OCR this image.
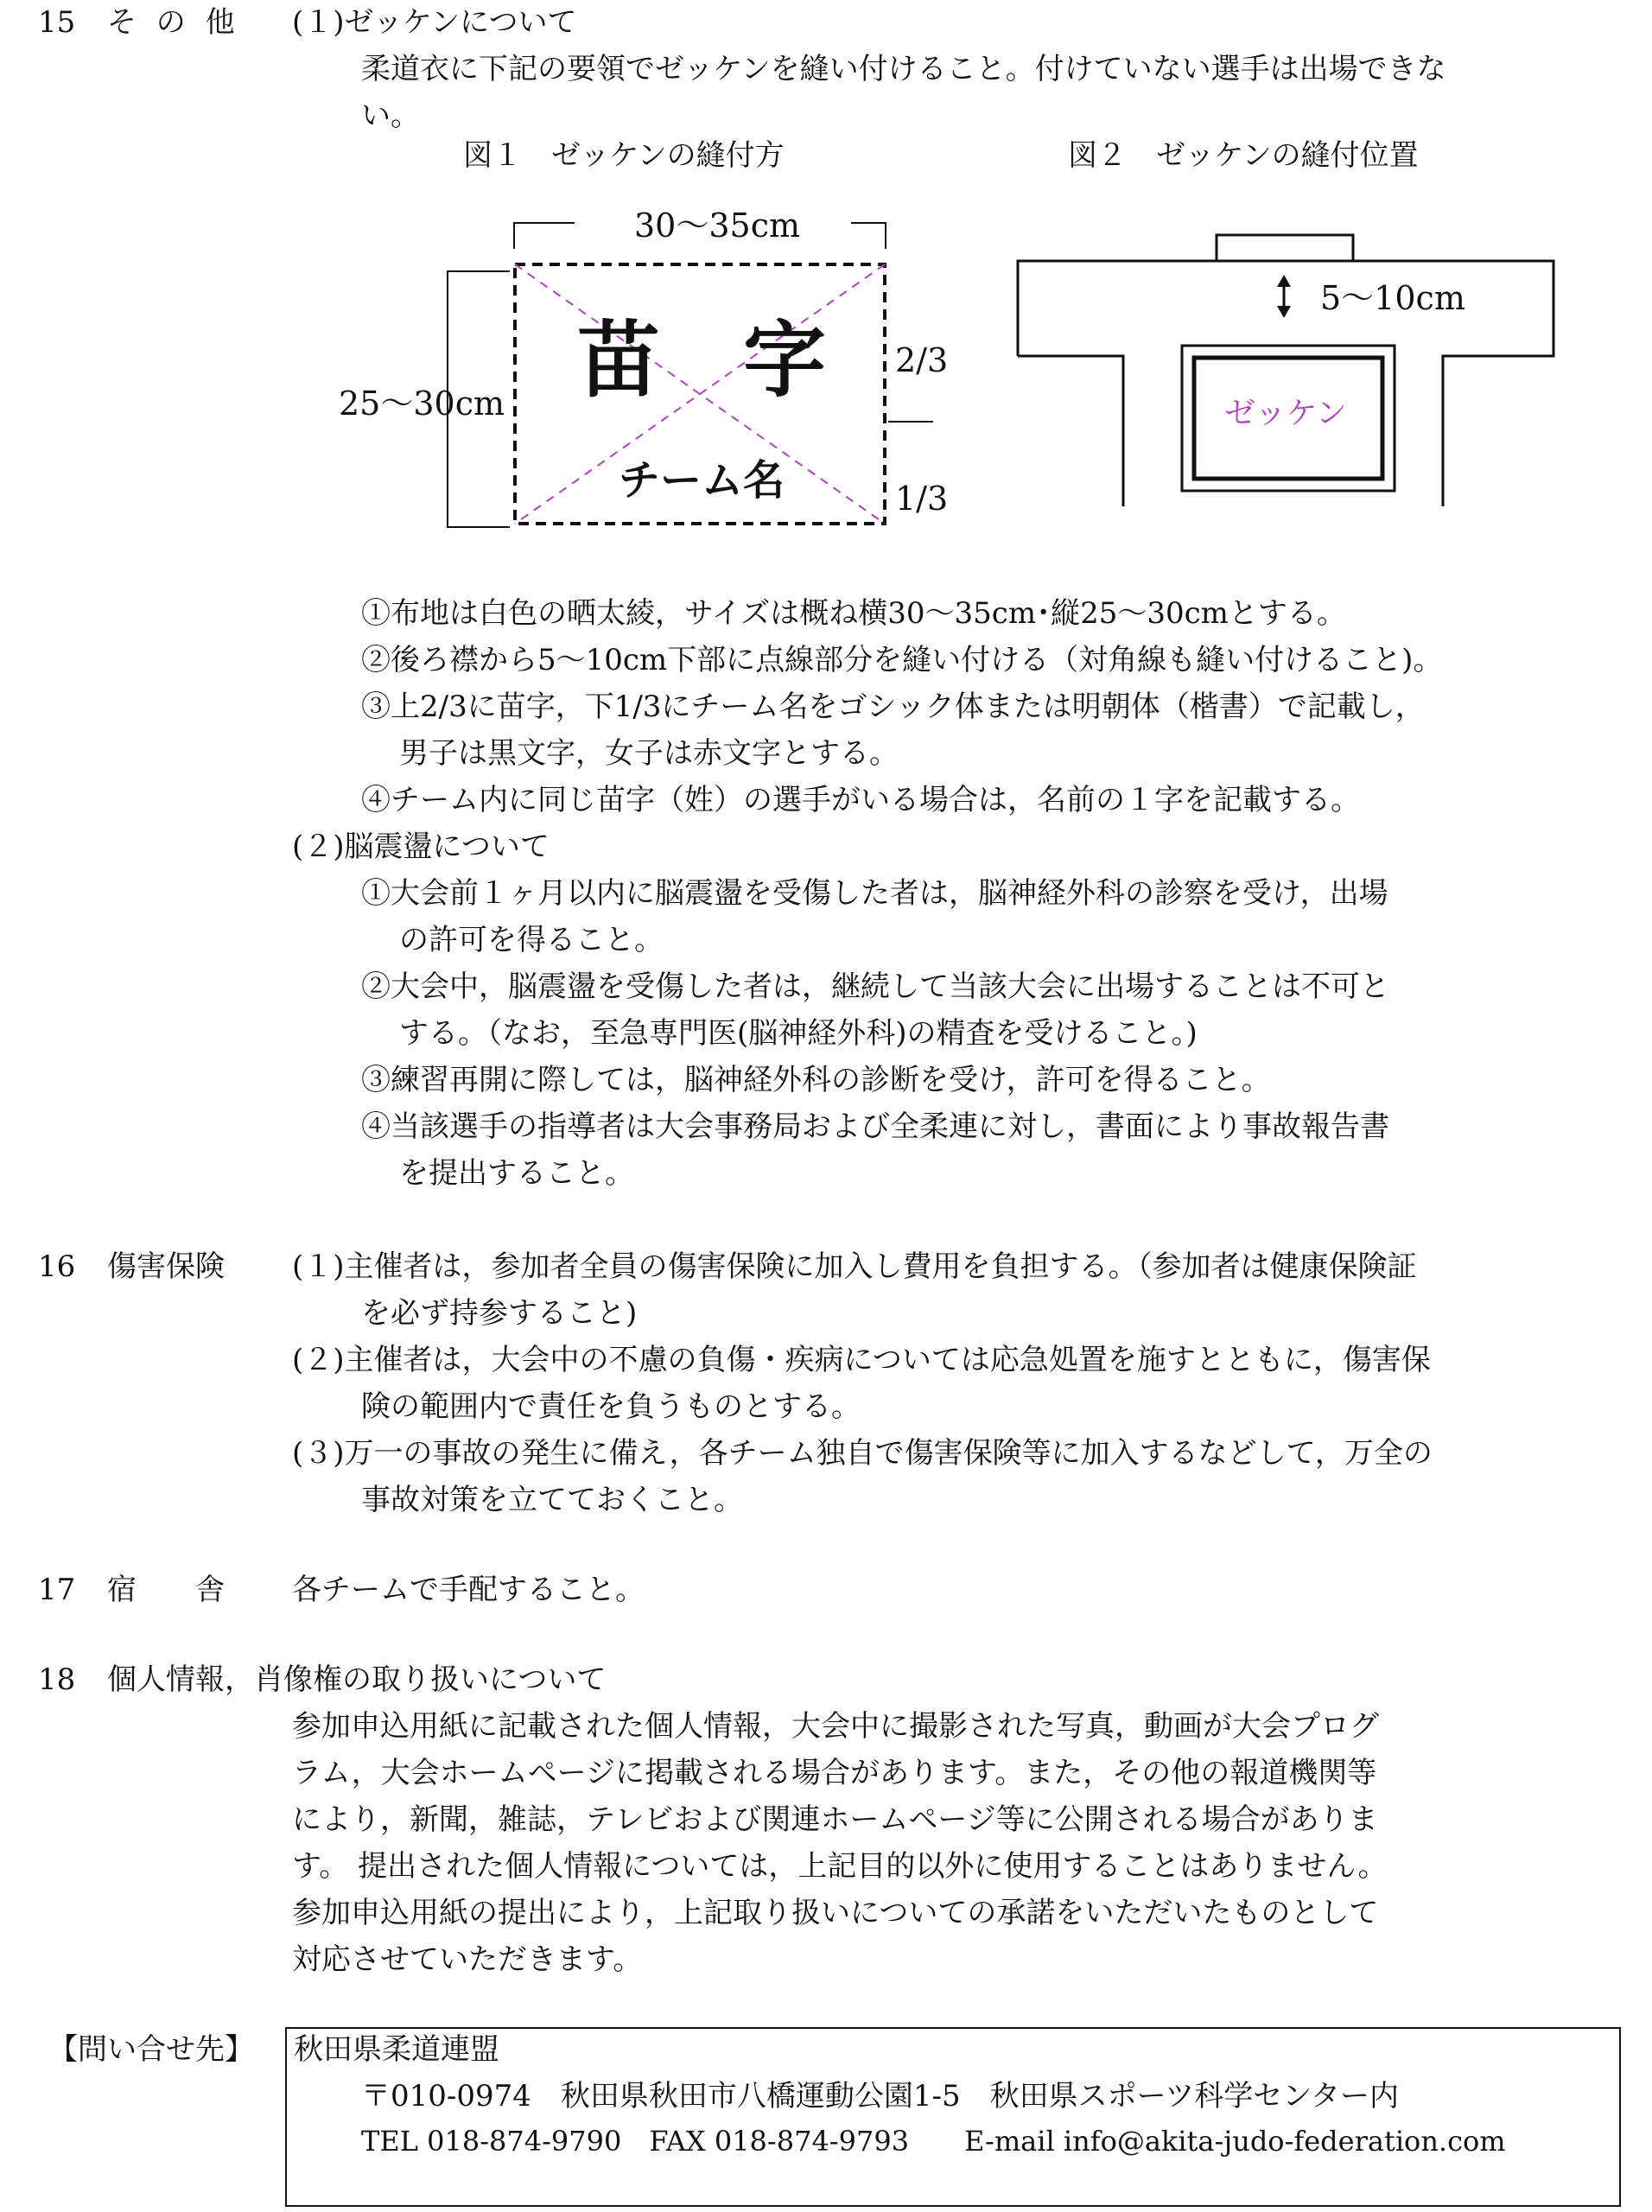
15 そ の 他 (１)ゼッケンについて
柔道衣に下記の要領でゼッケンを縫い付けること。付けていない選手は出場できな
い。
図１　ゼッケンの縫付方	図２　ゼッケンの縫付位置
30～35cm
25～30cm 苗　字
チーム名
2/3
1/3
5～10cm
ゼッケン
①布地は白色の晒太綾，サイズは概ね横30～35cm･縦25～30cmとする。
②後ろ襟から5～10cm下部に点線部分を縫い付ける（対角線も縫い付けること)。
③上2/3に苗字，下1/3にチーム名をゴシック体または明朝体（楷書）で記載し，
男子は黒文字，女子は赤文字とする。
④チーム内に同じ苗字（姓）の選手がいる場合は，名前の１字を記載する。
(２)脳震盪について
①大会前１ヶ月以内に脳震盪を受傷した者は，脳神経外科の診察を受け，出場
の許可を得ること。
②大会中，脳震盪を受傷した者は，継続して当該大会に出場することは不可と
する。（なお，至急専門医(脳神経外科)の精査を受けること。)
③練習再開に際しては，脳神経外科の診断を受け，許可を得ること。
④当該選手の指導者は大会事務局および全柔連に対し，書面により事故報告書
を提出すること。
16 傷害保険 (１)主催者は，参加者全員の傷害保険に加入し費用を負担する。（参加者は健康保険証
を必ず持参すること)
(２)主催者は，大会中の不慮の負傷・疾病については応急処置を施すとともに，傷害保
険の範囲内で責任を負うものとする。
(３)万一の事故の発生に備え，各チーム独自で傷害保険等に加入するなどして，万全の
事故対策を立てておくこと。
17 宿　　舎 各チームで手配すること。
18 個人情報，肖像権の取り扱いについて
参加申込用紙に記載された個人情報，大会中に撮影された写真，動画が大会プログ
ラム，大会ホームページに掲載される場合があります。また，その他の報道機関等
により，新聞，雑誌，テレビおよび関連ホームページ等に公開される場合がありま
す。 提出された個人情報については，上記目的以外に使用することはありません。
参加申込用紙の提出により，上記取り扱いについての承諾をいただいたものとして
対応させていただきます。
【問い合せ先】 秋田県柔道連盟
〒010-0974　秋田県秋田市八橋運動公園1-5　秋田県スポーツ科学センター内
TEL 018-874-9790　FAX 018-874-9793　　E-mail info@akita-judo-federation.com
